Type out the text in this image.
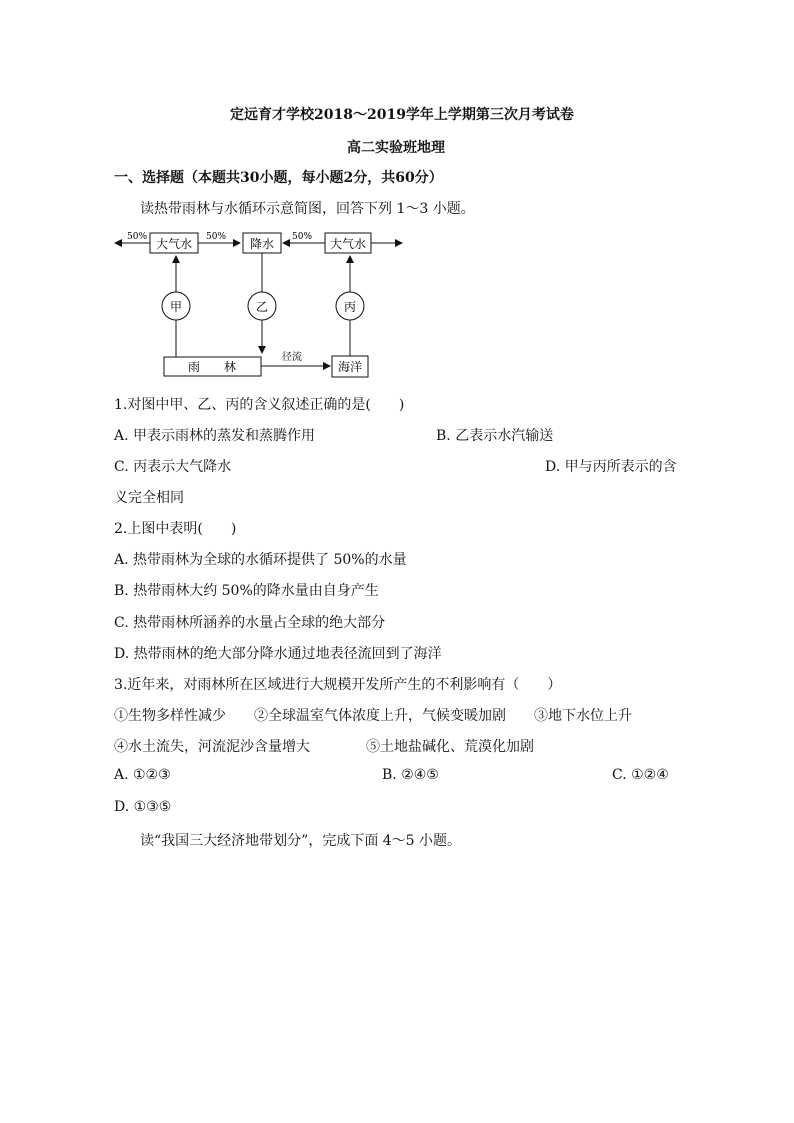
定远育才学校2018～2019学年上学期第三次月考试卷
高二实验班地理
一、选择题（本题共30小题，每小题2分，共60分）
读热带雨林与水循环示意简图，回答下列 1～3 小题。
50%	50%	50%
大气水	降水	大气水
甲	乙	丙
雨　　林
径流
海洋
1.对图中甲、乙、丙的含义叙述正确的是(　　)
A. 甲表示雨林的蒸发和蒸腾作用	B. 乙表示水汽输送
C. 丙表示大气降水	D. 甲与丙所表示的含
义完全相同
2.上图中表明(　　)
A. 热带雨林为全球的水循环提供了 50%的水量
B. 热带雨林大约 50%的降水量由自身产生
C. 热带雨林所涵养的水量占全球的绝大部分
D. 热带雨林的绝大部分降水通过地表径流回到了海洋
3.近年来，对雨林所在区域进行大规模开发所产生的不利影响有（　　）
①生物多样性减少　　②全球温室气体浓度上升，气候变暖加剧　　③地下水位上升
④水土流失，河流泥沙含量增大　　　　⑤土地盐碱化、荒漠化加剧
A. ①②③	B. ②④⑤	C. ①②④
D. ①③⑤
读“我国三大经济地带划分”，完成下面 4～5 小题。
